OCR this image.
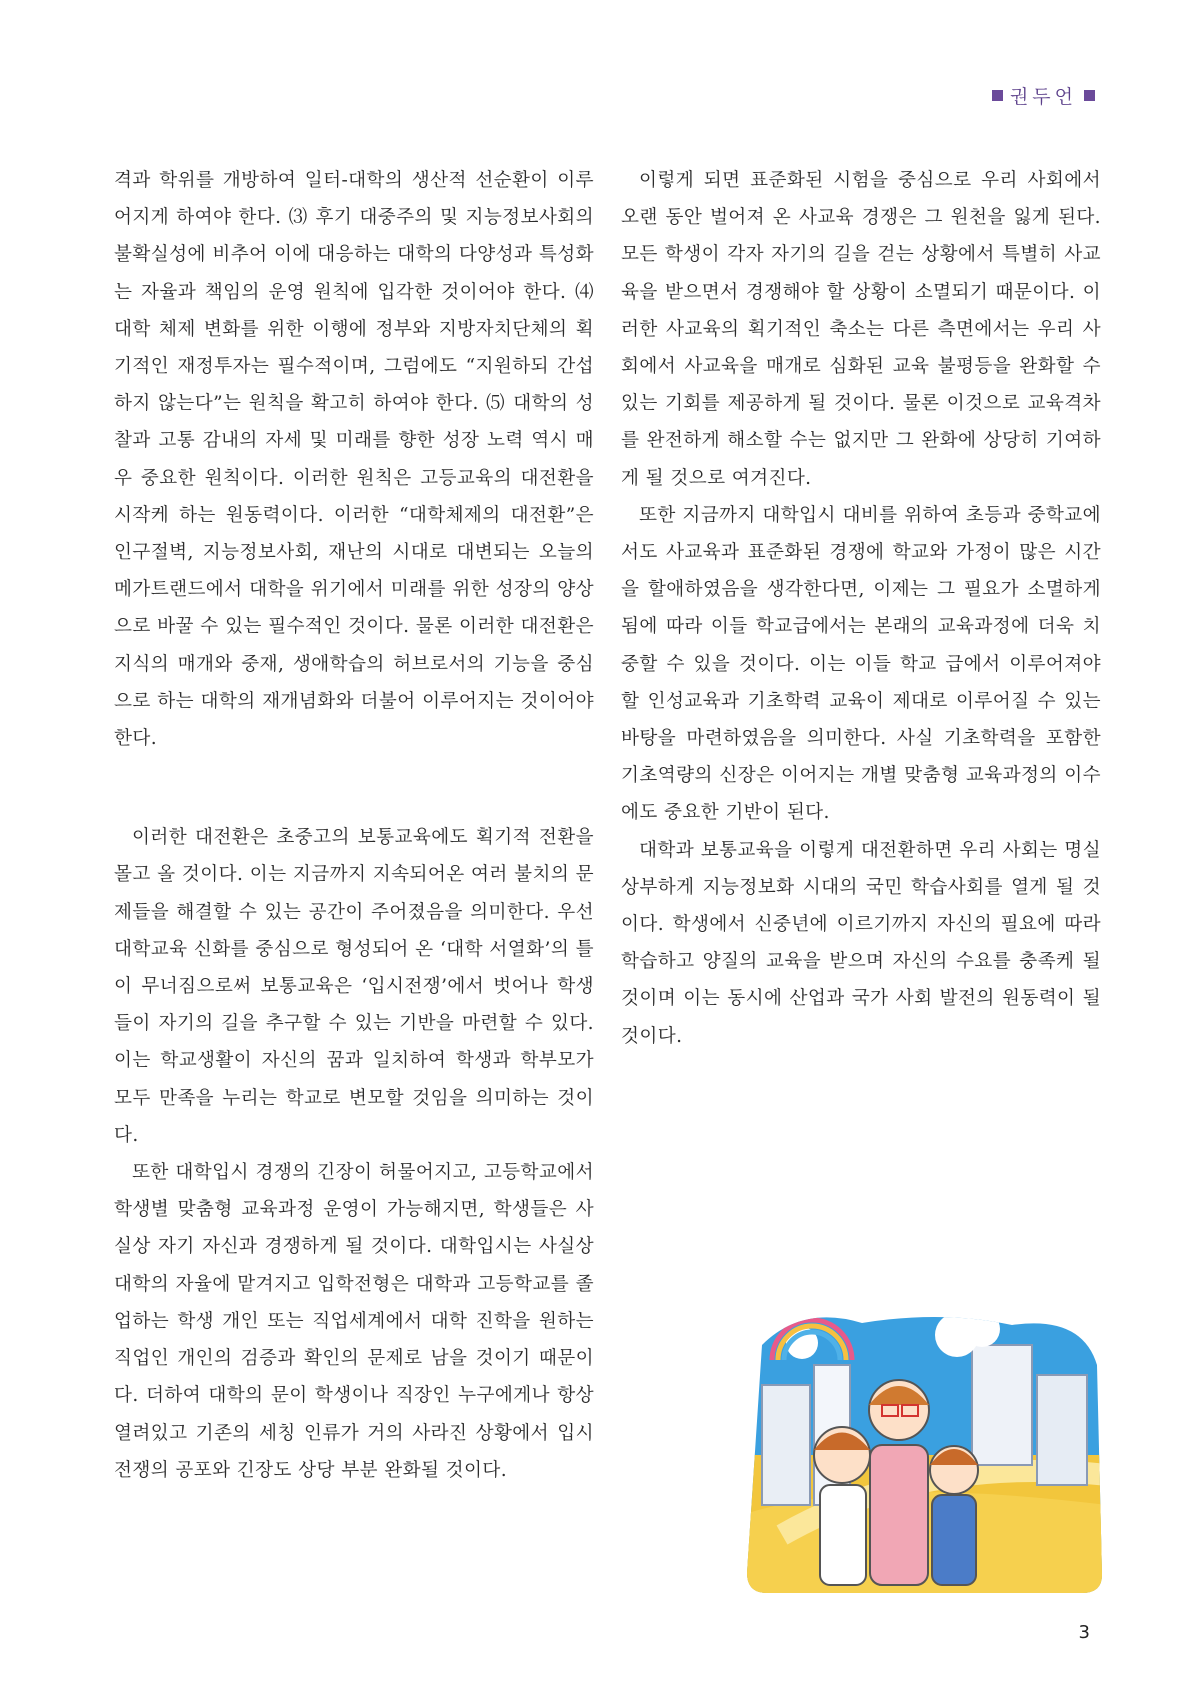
권두언

격과 학위를 개방하여 일터-대학의 생산적 선순환이 이루어지게 하여야 한다. ⑶ 후기 대중주의 및 지능정보사회의 불확실성에 비추어 이에 대응하는 대학의 다양성과 특성화는 자율과 책임의 운영 원칙에 입각한 것이어야 한다. ⑷ 대학 체제 변화를 위한 이행에 정부와 지방자치단체의 획기적인 재정투자는 필수적이며, 그럼에도 “지원하되 간섭하지 않는다”는 원칙을 확고히 하여야 한다. ⑸ 대학의 성찰과 고통 감내의 자세 및 미래를 향한 성장 노력 역시 매우 중요한 원칙이다. 이러한 원칙은 고등교육의 대전환을 시작케 하는 원동력이다. 이러한 “대학체제의 대전환”은 인구절벽, 지능정보사회, 재난의 시대로 대변되는 오늘의 메가트랜드에서 대학을 위기에서 미래를 위한 성장의 양상으로 바꿀 수 있는 필수적인 것이다. 물론 이러한 대전환은 지식의 매개와 중재, 생애학습의 허브로서의 기능을 중심으로 하는 대학의 재개념화와 더불어 이루어지는 것이어야 한다.

이러한 대전환은 초중고의 보통교육에도 획기적 전환을 몰고 올 것이다. 이는 지금까지 지속되어온 여러 불치의 문제들을 해결할 수 있는 공간이 주어졌음을 의미한다. 우선 대학교육 신화를 중심으로 형성되어 온 ‘대학 서열화’의 틀이 무너짐으로써 보통교육은 ‘입시전쟁’에서 벗어나 학생들이 자기의 길을 추구할 수 있는 기반을 마련할 수 있다. 이는 학교생활이 자신의 꿈과 일치하여 학생과 학부모가 모두 만족을 누리는 학교로 변모할 것임을 의미하는 것이다.

또한 대학입시 경쟁의 긴장이 허물어지고, 고등학교에서 학생별 맞춤형 교육과정 운영이 가능해지면, 학생들은 사실상 자기 자신과 경쟁하게 될 것이다. 대학입시는 사실상 대학의 자율에 맡겨지고 입학전형은 대학과 고등학교를 졸업하는 학생 개인 또는 직업세계에서 대학 진학을 원하는 직업인 개인의 검증과 확인의 문제로 남을 것이기 때문이다. 더하여 대학의 문이 학생이나 직장인 누구에게나 항상 열려있고 기존의 세칭 인류가 거의 사라진 상황에서 입시전쟁의 공포와 긴장도 상당 부분 완화될 것이다.

이렇게 되면 표준화된 시험을 중심으로 우리 사회에서 오랜 동안 벌어져 온 사교육 경쟁은 그 원천을 잃게 된다. 모든 학생이 각자 자기의 길을 걷는 상황에서 특별히 사교육을 받으면서 경쟁해야 할 상황이 소멸되기 때문이다. 이러한 사교육의 획기적인 축소는 다른 측면에서는 우리 사회에서 사교육을 매개로 심화된 교육 불평등을 완화할 수 있는 기회를 제공하게 될 것이다. 물론 이것으로 교육격차를 완전하게 해소할 수는 없지만 그 완화에 상당히 기여하게 될 것으로 여겨진다.

또한 지금까지 대학입시 대비를 위하여 초등과 중학교에서도 사교육과 표준화된 경쟁에 학교와 가정이 많은 시간을 할애하였음을 생각한다면, 이제는 그 필요가 소멸하게 됨에 따라 이들 학교급에서는 본래의 교육과정에 더욱 치중할 수 있을 것이다. 이는 이들 학교 급에서 이루어져야 할 인성교육과 기초학력 교육이 제대로 이루어질 수 있는 바탕을 마련하였음을 의미한다. 사실 기초학력을 포함한 기초역량의 신장은 이어지는 개별 맞춤형 교육과정의 이수에도 중요한 기반이 된다.

대학과 보통교육을 이렇게 대전환하면 우리 사회는 명실상부하게 지능정보화 시대의 국민 학습사회를 열게 될 것이다. 학생에서 신중년에 이르기까지 자신의 필요에 따라 학습하고 양질의 교육을 받으며 자신의 수요를 충족케 될 것이며 이는 동시에 산업과 국가 사회 발전의 원동력이 될 것이다.

3
